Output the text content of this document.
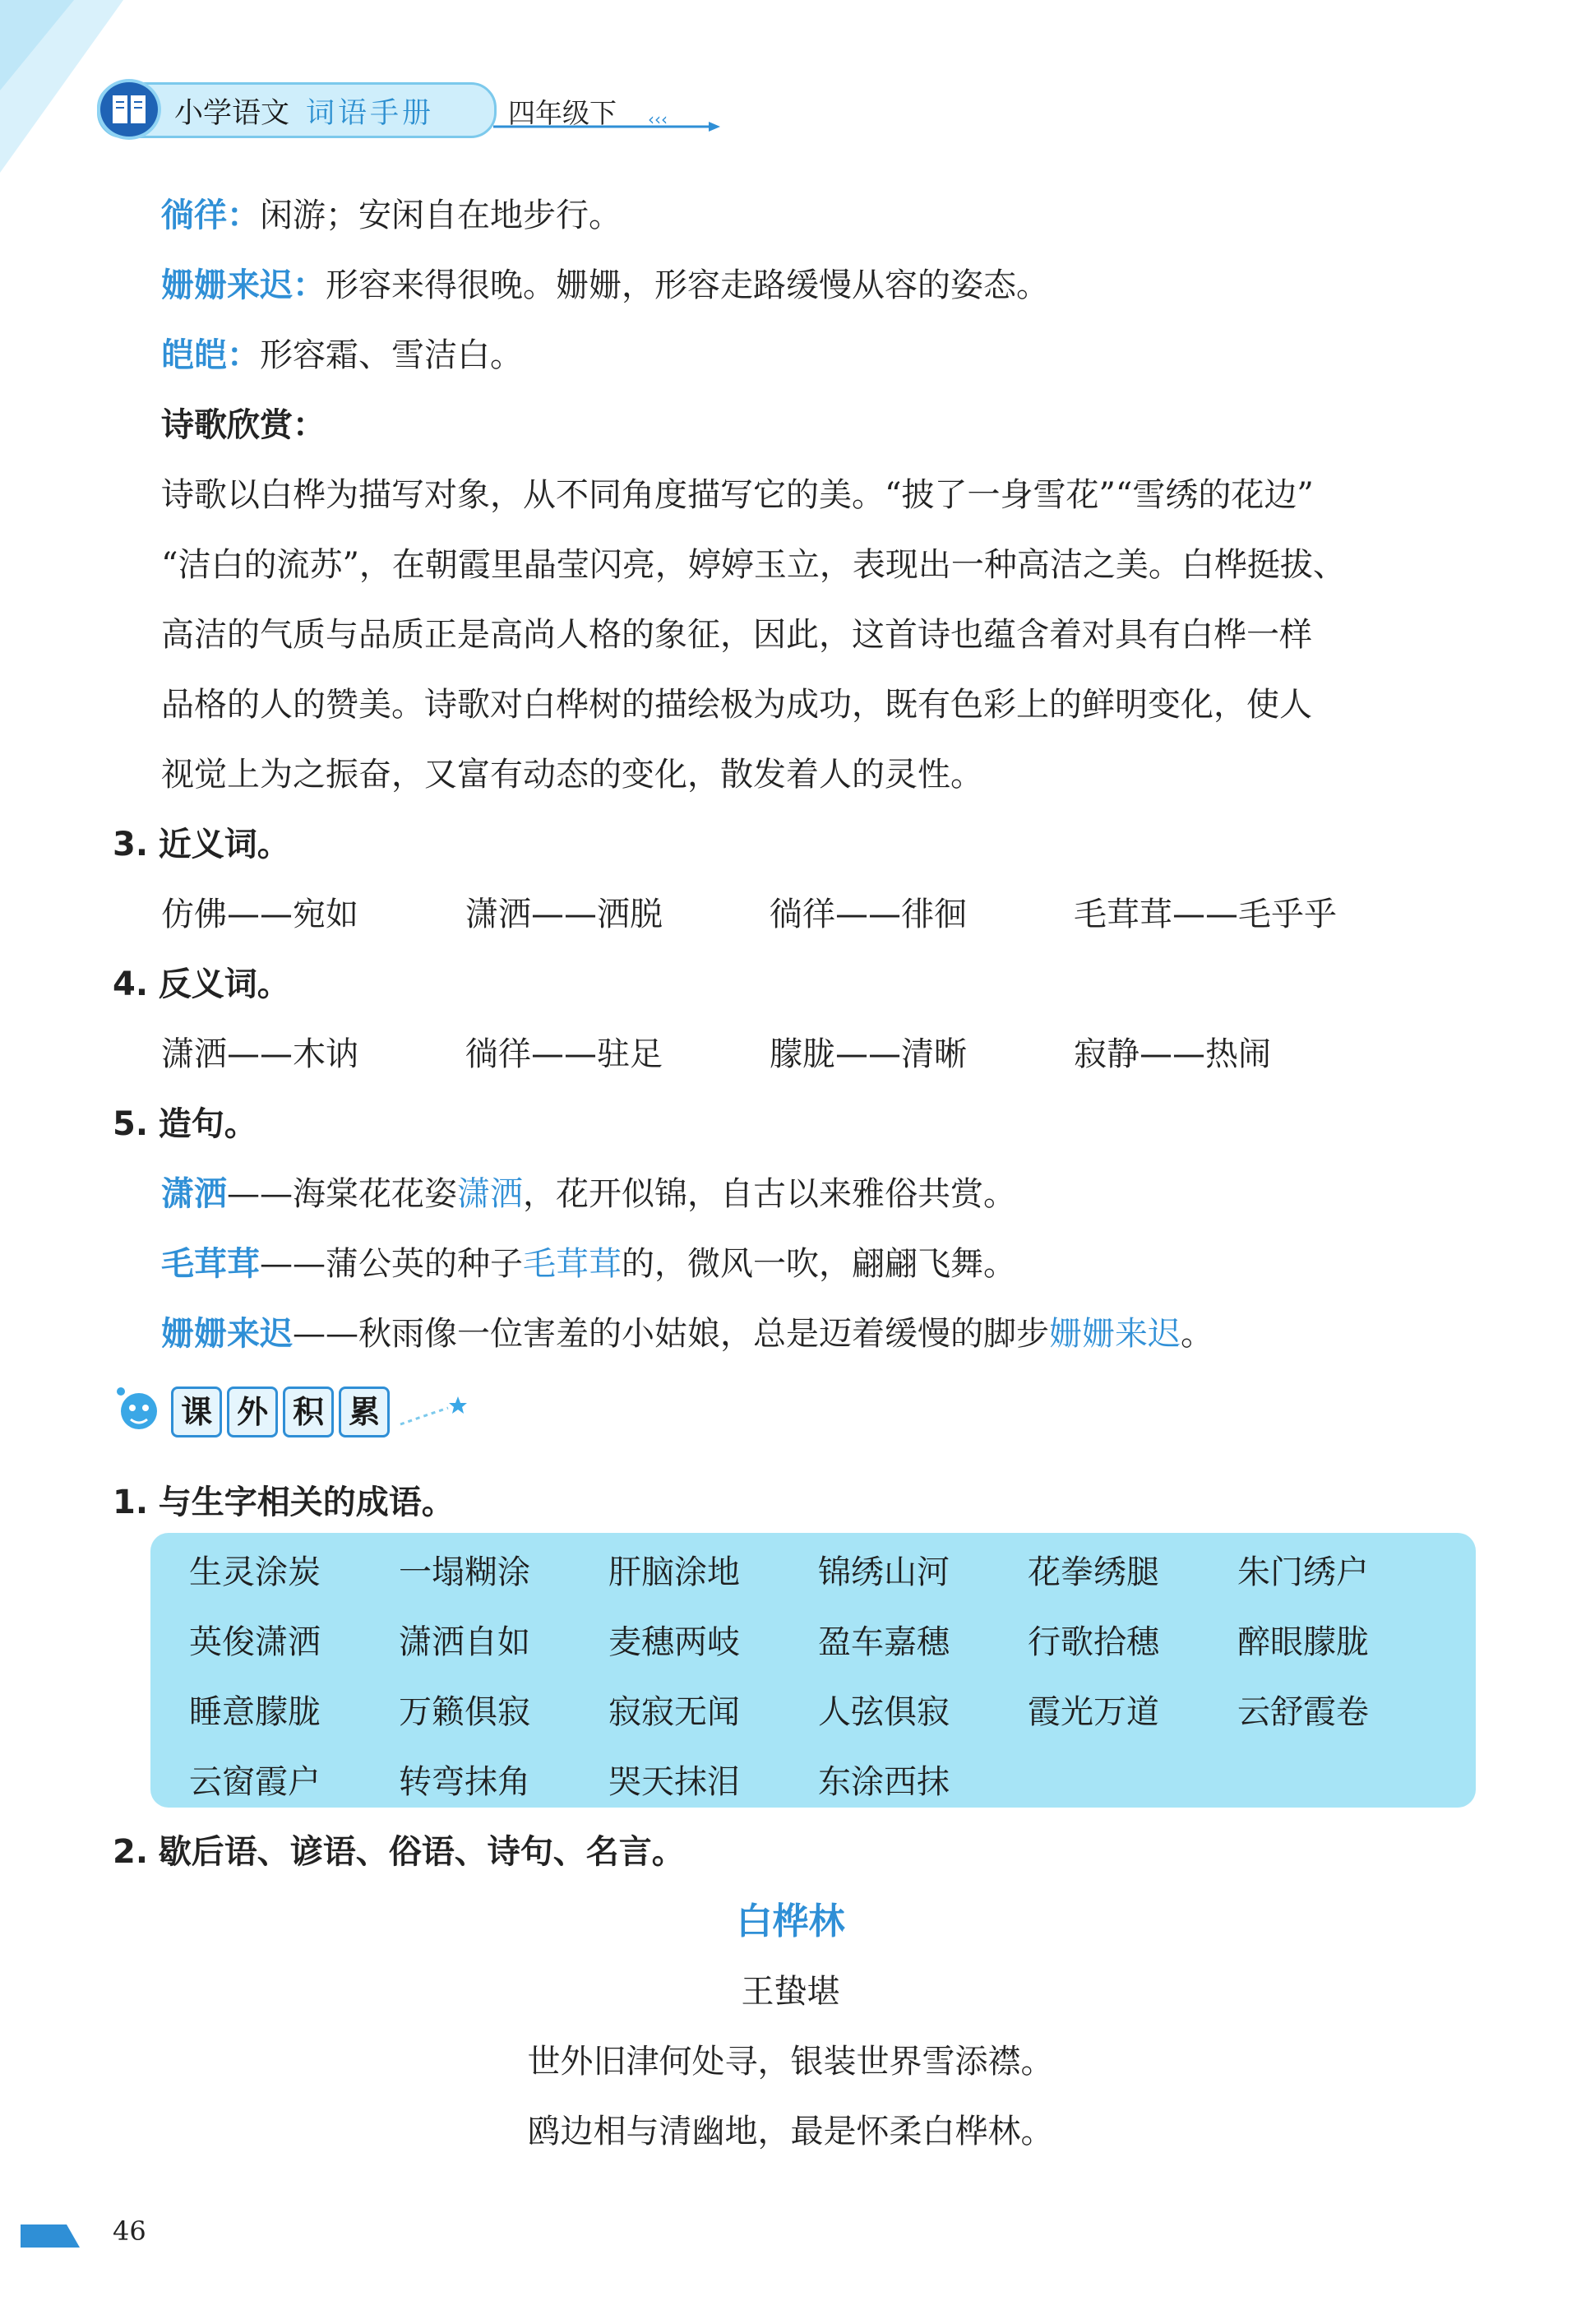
小学语文 词语手册	四年级下 ‹‹‹
徜徉：闲游；安闲自在地步行。
姗姗来迟：形容来得很晚。姗姗，形容走路缓慢从容的姿态。
皑皑：形容霜、雪洁白。
诗歌欣赏：
诗歌以白桦为描写对象，从不同角度描写它的美。“披了一身雪花”“雪绣的花边”
“洁白的流苏”，在朝霞里晶莹闪亮，婷婷玉立，表现出一种高洁之美。白桦挺拔、
高洁的气质与品质正是高尚人格的象征，因此，这首诗也蕴含着对具有白桦一样
品格的人的赞美。诗歌对白桦树的描绘极为成功，既有色彩上的鲜明变化，使人
视觉上为之振奋，又富有动态的变化，散发着人的灵性。
3. 近义词。
仿佛——宛如	潇洒——洒脱	徜徉——徘徊	毛茸茸——毛乎乎
4. 反义词。
潇洒——木讷	徜徉——驻足	朦胧——清晰	寂静——热闹
5. 造句。
潇洒——海棠花花姿潇洒，花开似锦，自古以来雅俗共赏。
毛茸茸——蒲公英的种子毛茸茸的，微风一吹，翩翩飞舞。
姗姗来迟——秋雨像一位害羞的小姑娘，总是迈着缓慢的脚步姗姗来迟。
课 外 积 累
1. 与生字相关的成语。
生灵涂炭 一塌糊涂 肝脑涂地 锦绣山河 花拳绣腿 朱门绣户
英俊潇洒 潇洒自如 麦穗两岐 盈车嘉穗 行歌拾穗 醉眼朦胧
睡意朦胧 万籁俱寂 寂寂无闻 人弦俱寂 霞光万道 云舒霞卷
云窗霞户 转弯抹角 哭天抹泪 东涂西抹
2. 歇后语、谚语、俗语、诗句、名言。
白桦林
王蛰堪
世外旧津何处寻，银装世界雪添襟。
鸥边相与清幽地，最是怀柔白桦林。
46
